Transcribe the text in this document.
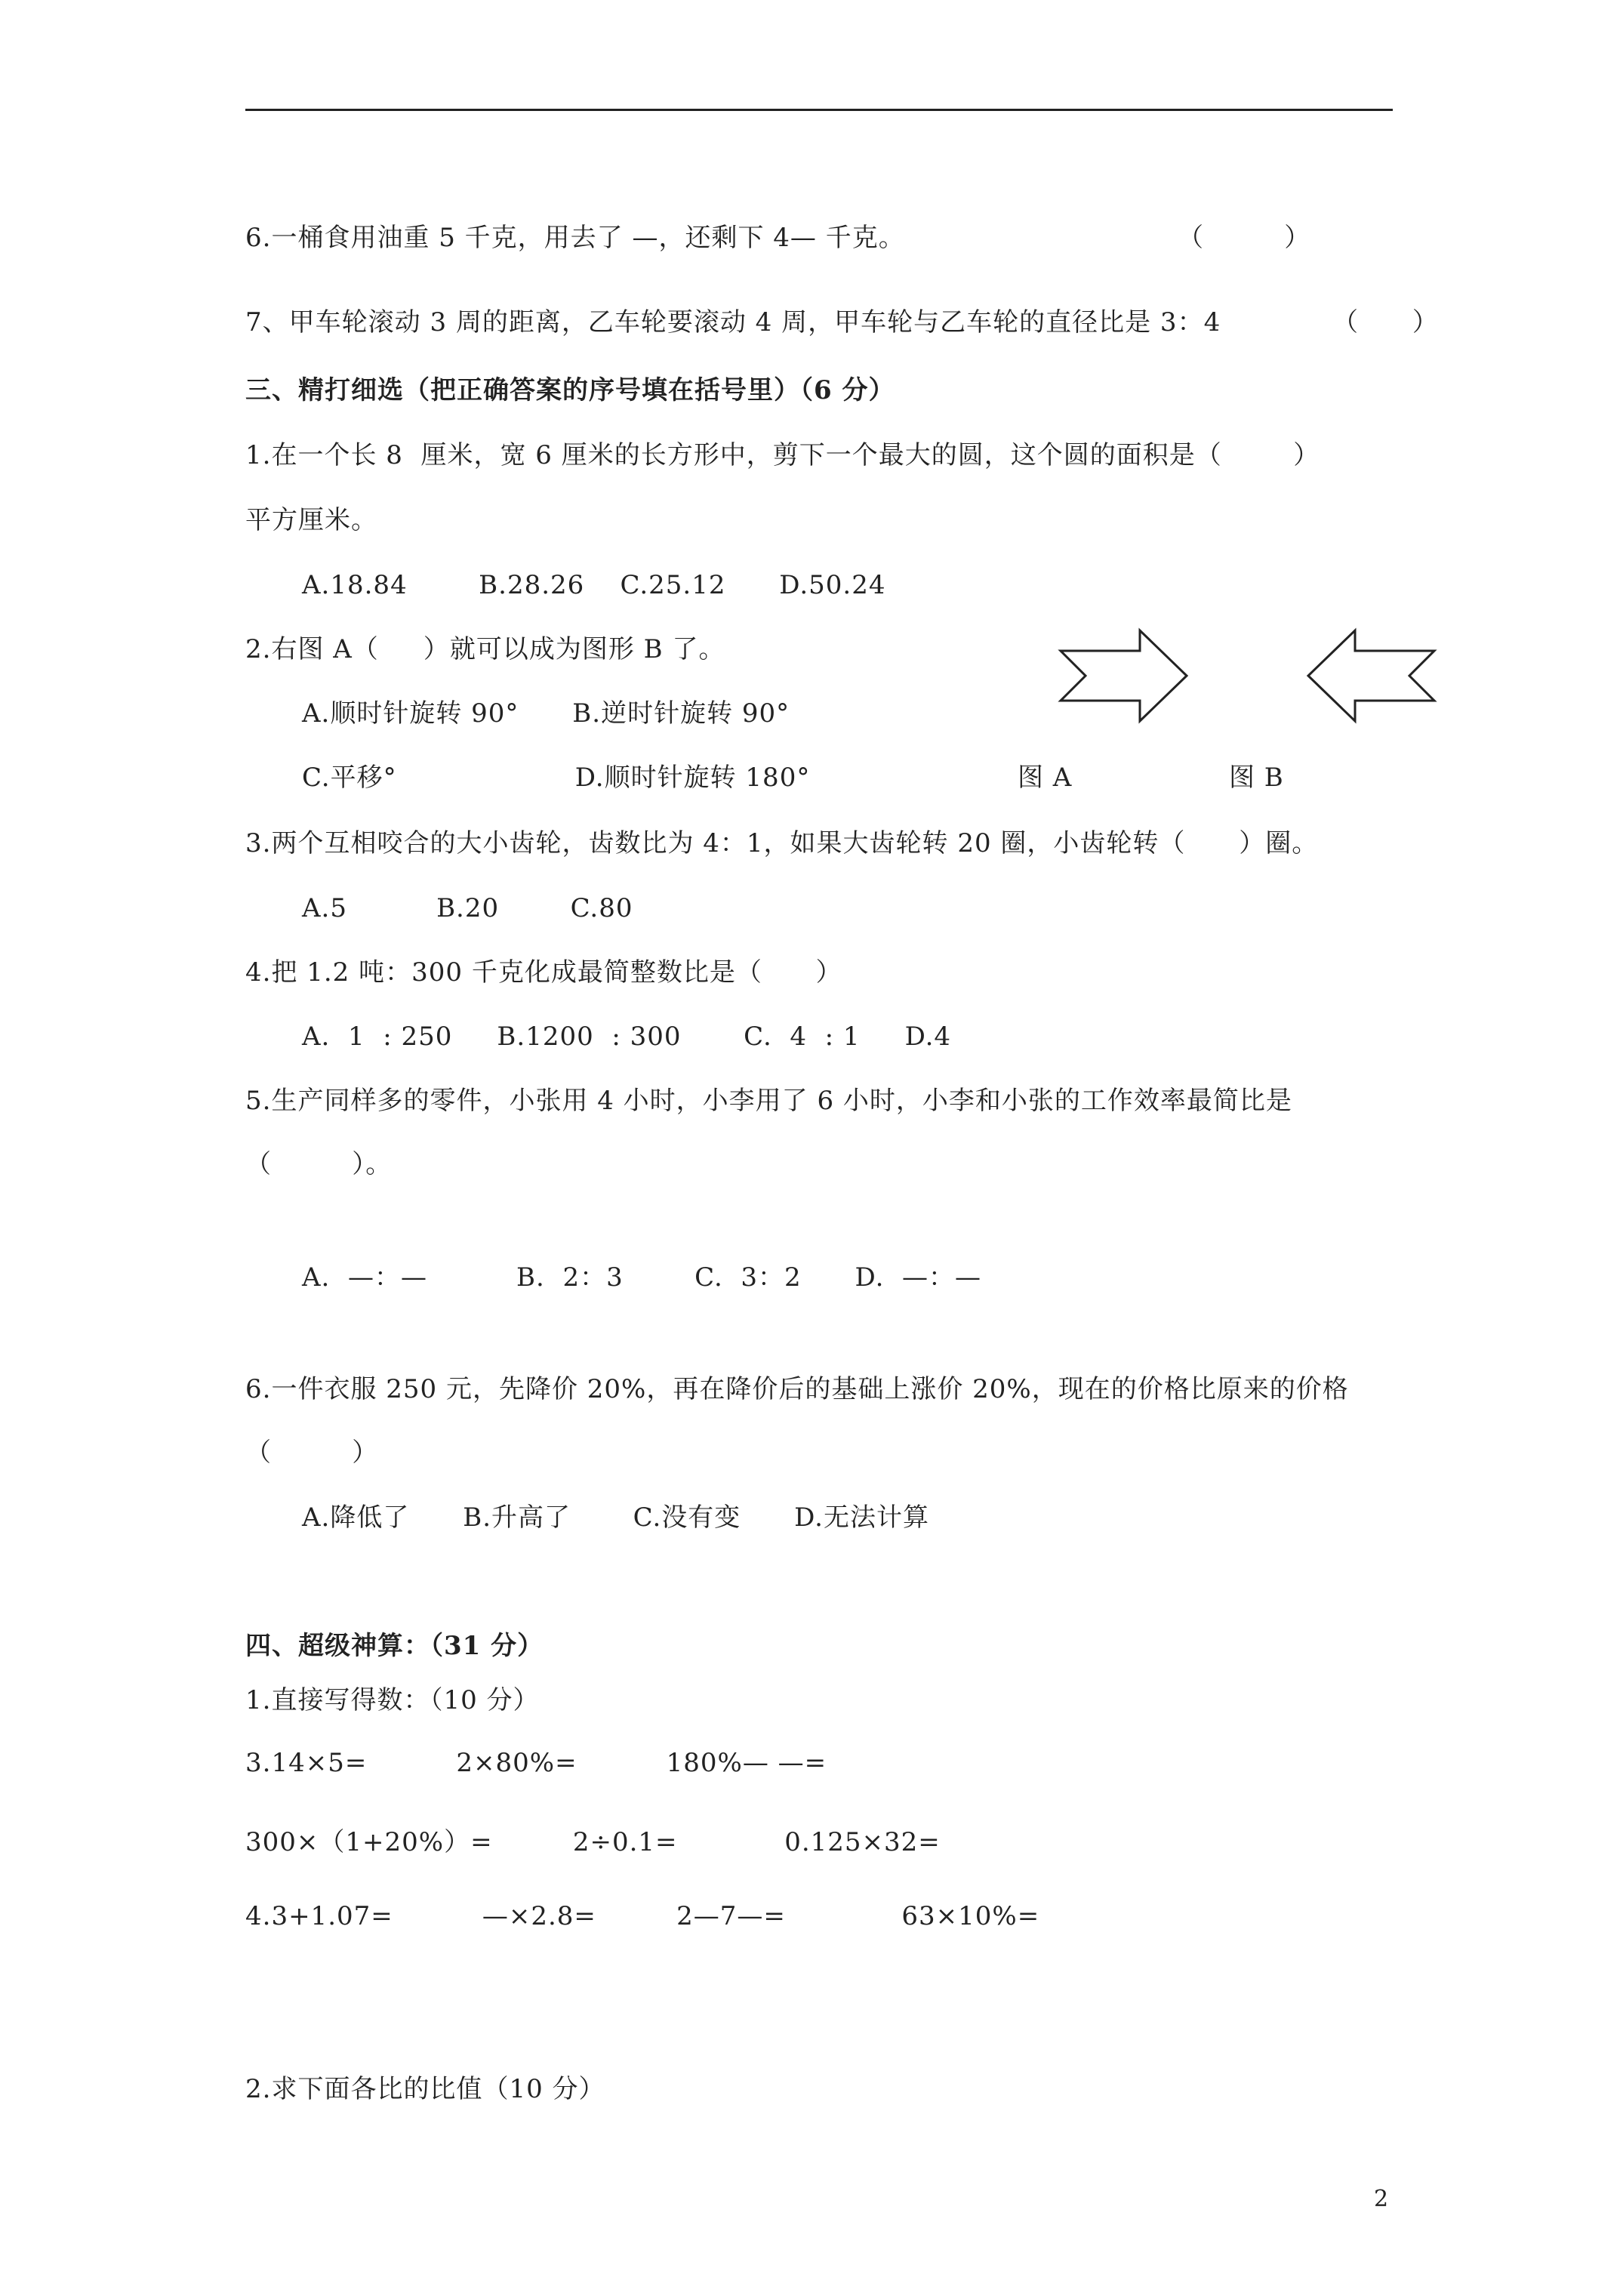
6.一桶食用油重 5 千克，用去了 —，还剩下 4— 千克。	（         ）
7、甲车轮滚动 3 周的距离，乙车轮要滚动 4 周，甲车轮与乙车轮的直径比是 3：4	（      ）
三、精打细选（把正确答案的序号填在括号里）（6 分）
1.在一个长 8  厘米，宽 6 厘米的长方形中，剪下一个最大的圆，这个圆的面积是（        ）
平方厘米。
A.18.84        B.28.26    C.25.12      D.50.24
2.右图 A（     ）就可以成为图形 B 了。
A.顺时针旋转 90°      B.逆时针旋转 90°
C.平移°                    D.顺时针旋转 180°	图 A	图 B
3.两个互相咬合的大小齿轮，齿数比为 4：1，如果大齿轮转 20 圈，小齿轮转（      ）圈。
A.5          B.20        C.80
4.把 1.2 吨：300 千克化成最简整数比是（      ）
A.  1  : 250     B.1200  : 300       C.  4  : 1     D.4
5.生产同样多的零件，小张用 4 小时，小李用了 6 小时，小李和小张的工作效率最简比是
（         ）。
A.  —：—          B.  2：3        C.  3：2      D.  —：—
6.一件衣服 250 元，先降价 20%，再在降价后的基础上涨价 20%，现在的价格比原来的价格
（         ）
A.降低了      B.升高了       C.没有变      D.无法计算
四、超级神算：（31 分）
1.直接写得数：（10 分）
3.14×5=          2×80%=          180%— —=
300×（1+20%）=         2÷0.1=            0.125×32=
4.3+1.07=          —×2.8=         2—7—=             63×10%=
2.求下面各比的比值（10 分）
2
